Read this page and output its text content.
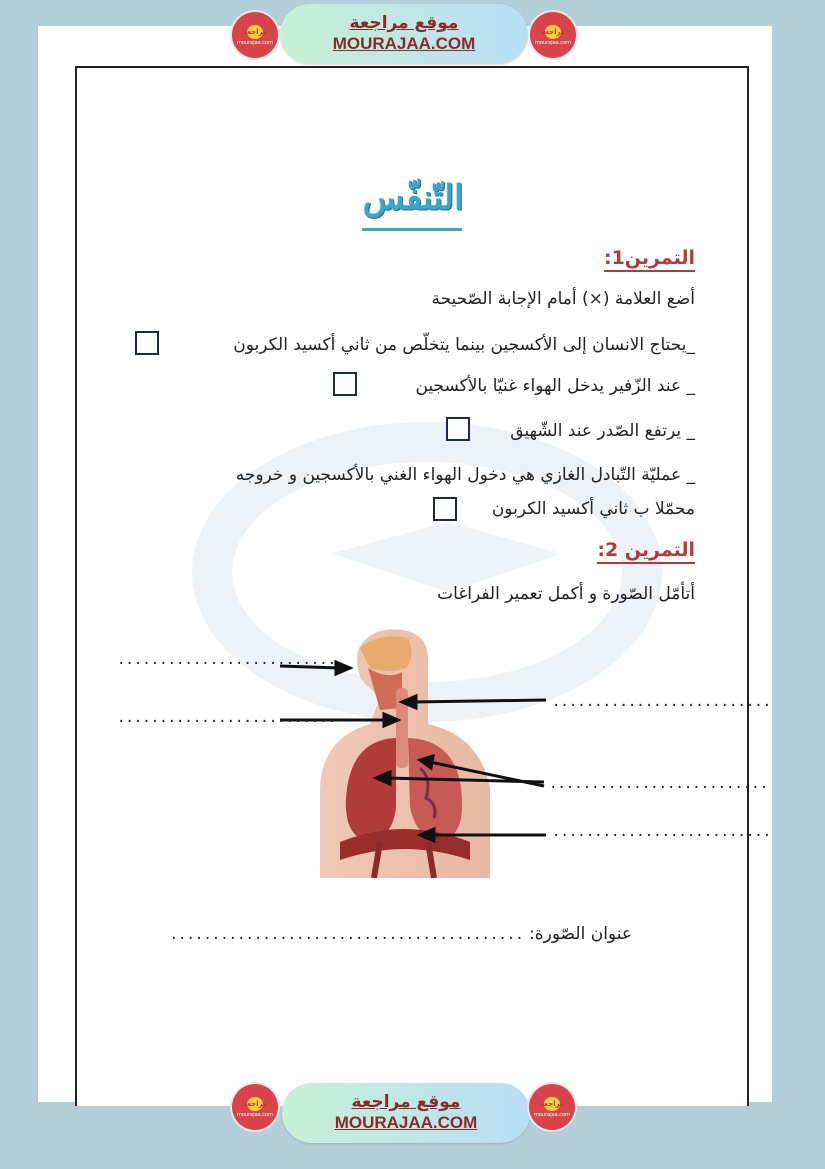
مراجعة
mourajaa.com
موقع مراجعة
MOURAJAA.COM
مراجعة
mourajaa.com
التّنفّس
التمرين1:
أضع العلامة (×) أمام الإجابة الصّحيحة
_يحتاج الانسان إلى الأكسجين بينما يتخلّص من ثاني أكسيد الكربون
_ عند الزّفير يدخل الهواء غنيّا بالأكسجين
_ يرتفع الصّدر عند الشّهيق
_ عمليّة التّبادل الغازي هي دخول الهواء الغني بالأكسجين و خروجه
محمّلا ب ثاني أكسيد الكربون
التمرين 2:
أتأمّل الصّورة و أكمل تعمير الفراغات
..........................
..........................
..........................
..........................
..........................
عنوان الصّورة: ..........................................
مراجعة
mourajaa.com
موقع مراجعة
MOURAJAA.COM
مراجعة
mourajaa.com
